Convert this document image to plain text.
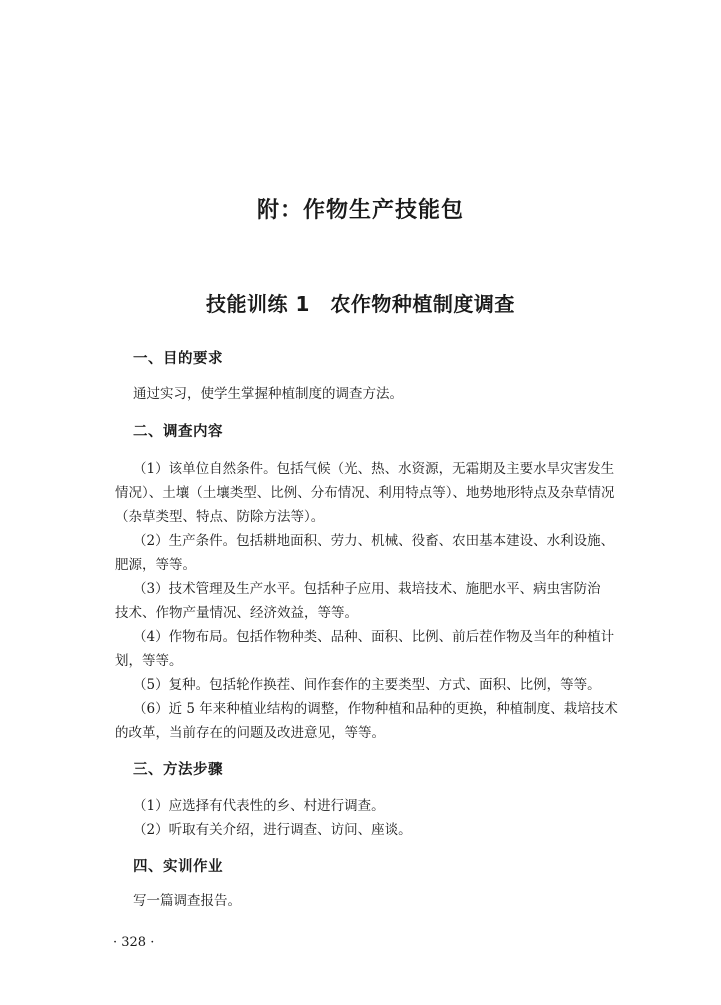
附：作物生产技能包
技能训练 1　农作物种植制度调查
一、目的要求
通过实习，使学生掌握种植制度的调查方法。
二、调查内容
（1）该单位自然条件。包括气候（光、热、水资源，无霜期及主要水旱灾害发生
情况）、土壤（土壤类型、比例、分布情况、利用特点等）、地势地形特点及杂草情况
（杂草类型、特点、防除方法等）。
（2）生产条件。包括耕地面积、劳力、机械、役畜、农田基本建设、水利设施、
肥源，等等。
（3）技术管理及生产水平。包括种子应用、栽培技术、施肥水平、病虫害防治
技术、作物产量情况、经济效益，等等。
（4）作物布局。包括作物种类、品种、面积、比例、前后茬作物及当年的种植计
划，等等。
（5）复种。包括轮作换茬、间作套作的主要类型、方式、面积、比例，等等。
（6）近 5 年来种植业结构的调整，作物种植和品种的更换，种植制度、栽培技术
的改革，当前存在的问题及改进意见，等等。
三、方法步骤
（1）应选择有代表性的乡、村进行调查。
（2）听取有关介绍，进行调查、访问、座谈。
四、实训作业
写一篇调查报告。
· 328 ·
